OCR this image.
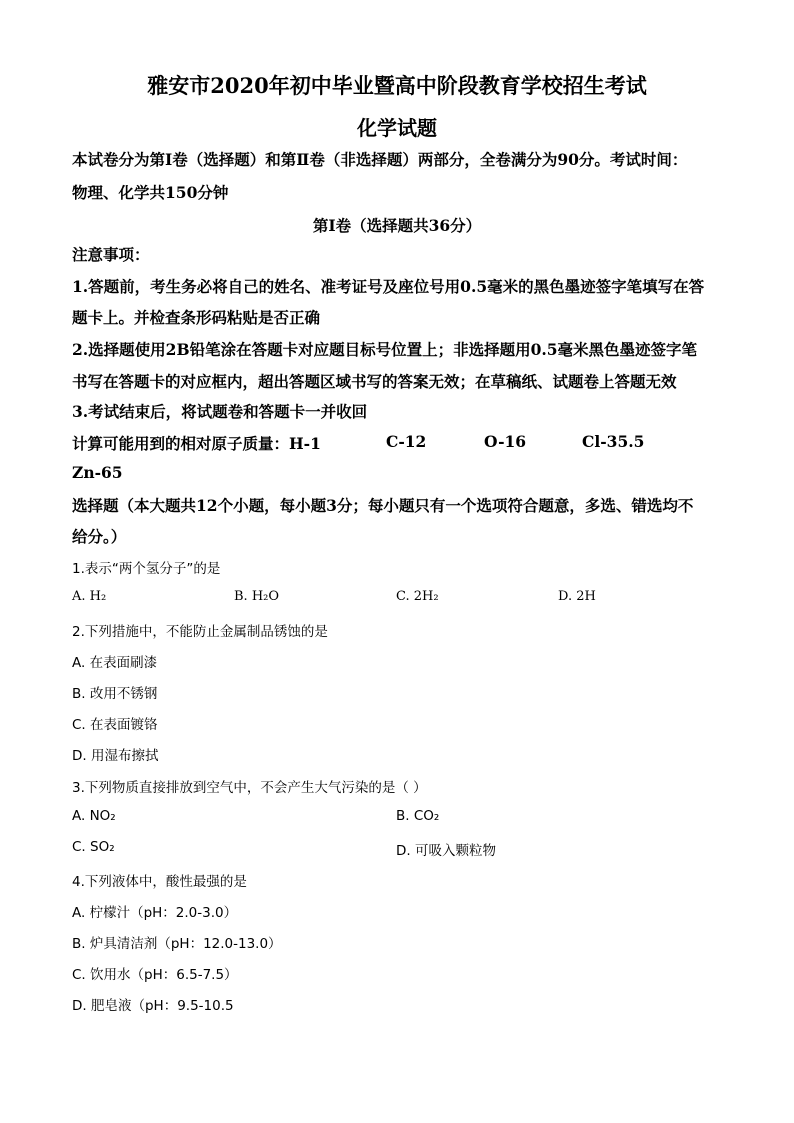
雅安市2020年初中毕业暨高中阶段教育学校招生考试
化学试题
本试卷分为第Ⅰ卷（选择题）和第Ⅱ卷（非选择题）两部分，全卷满分为90分。考试时间：
物理、化学共150分钟
第Ⅰ卷（选择题共36分）
注意事项：
1.答题前，考生务必将自己的姓名、准考证号及座位号用0.5毫米的黑色墨迹签字笔填写在答
题卡上。并检查条形码粘贴是否正确
2.选择题使用2B铅笔涂在答题卡对应题目标号位置上；非选择题用0.5毫米黑色墨迹签字笔
书写在答题卡的对应框内，超出答题区域书写的答案无效；在草稿纸、试题卷上答题无效
3.考试结束后，将试题卷和答题卡一并收回
计算可能用到的相对原子质量：H-1	C-12	O-16	Cl-35.5
Zn-65
选择题（本大题共12个小题，每小题3分；每小题只有一个选项符合题意，多选、错选均不
给分。）
1.表示“两个氢分子”的是
A. H₂	B. H₂O	C. 2H₂	D. 2H
2.下列措施中，不能防止金属制品锈蚀的是
A. 在表面刷漆
B. 改用不锈钢
C. 在表面镀铬
D. 用湿布擦拭
3.下列物质直接排放到空气中，不会产生大气污染的是（ ）
A. NO₂	B. CO₂
C. SO₂	D. 可吸入颗粒物
4.下列液体中，酸性最强的是
A. 柠檬汁（pH：2.0-3.0）
B. 炉具清洁剂（pH：12.0-13.0）
C. 饮用水（pH：6.5-7.5）
D. 肥皂液（pH：9.5-10.5
